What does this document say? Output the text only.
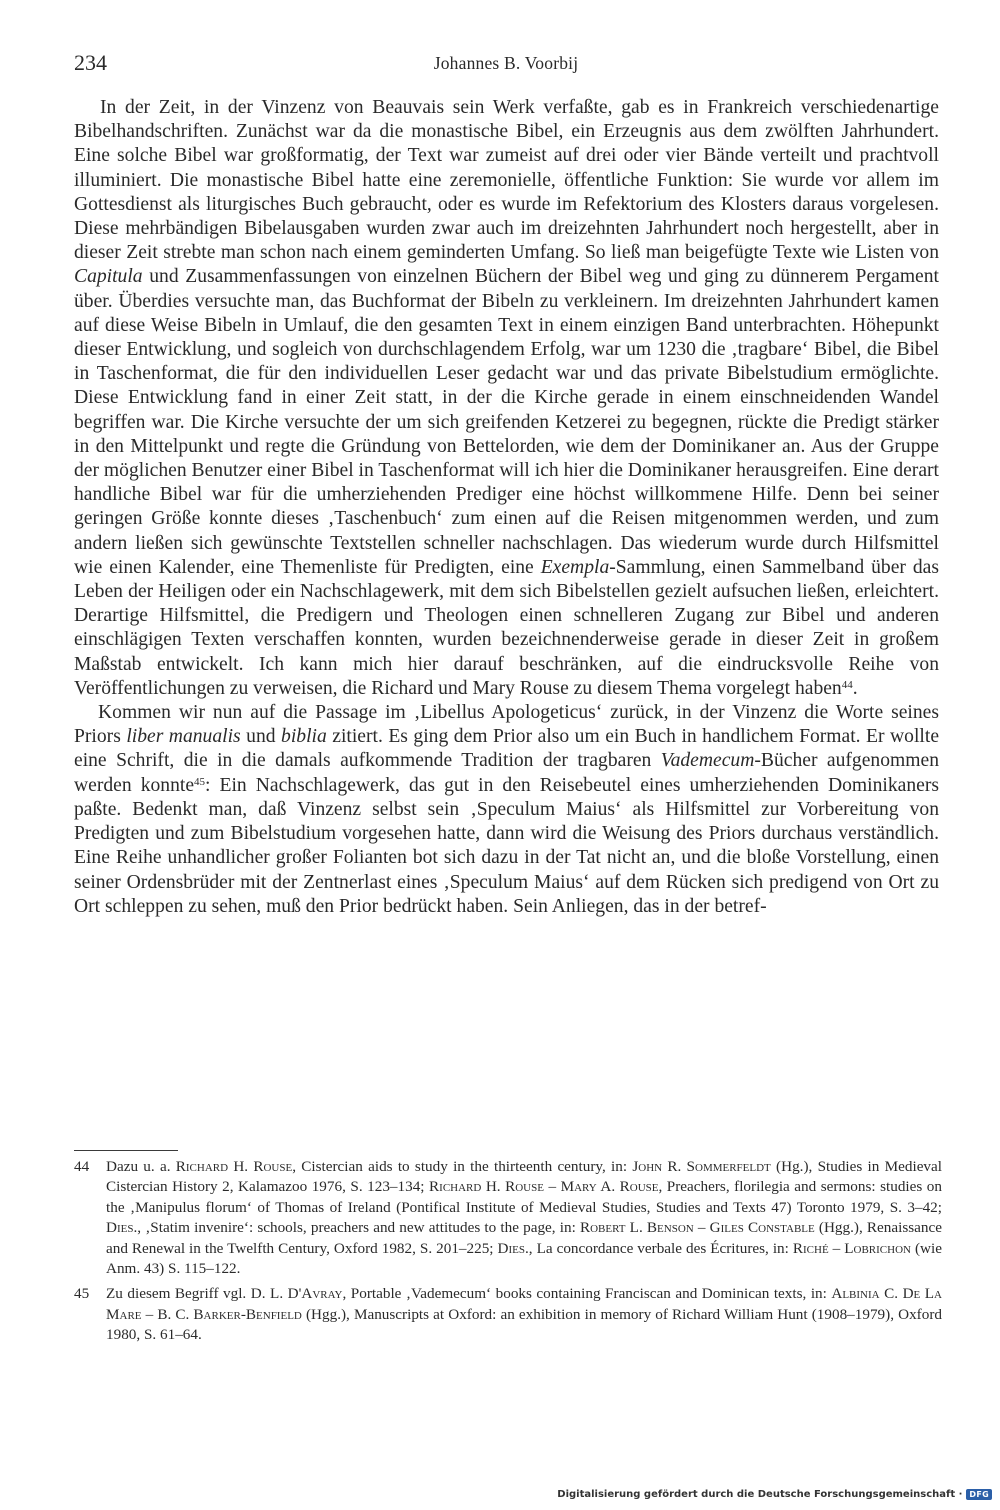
234	Johannes B. Voorbij

In der Zeit, in der Vinzenz von Beauvais sein Werk verfaßte, gab es in Frankreich verschiedenartige Bibelhandschriften. Zunächst war da die monastische Bibel, ein Erzeugnis aus dem zwölften Jahrhundert. Eine solche Bibel war großformatig, der Text war zumeist auf drei oder vier Bände verteilt und prachtvoll illuminiert. Die monastische Bibel hatte eine zeremonielle, öffentliche Funktion: Sie wurde vor allem im Gottesdienst als liturgisches Buch gebraucht, oder es wurde im Refektorium des Klosters daraus vorgelesen. Diese mehrbändigen Bibelausgaben wurden zwar auch im dreizehnten Jahrhundert noch hergestellt, aber in dieser Zeit strebte man schon nach einem geminderten Umfang. So ließ man beigefügte Texte wie Listen von Capitula und Zusammenfassungen von einzelnen Büchern der Bibel weg und ging zu dünnerem Pergament über. Überdies versuchte man, das Buchformat der Bibeln zu verkleinern. Im dreizehnten Jahrhundert kamen auf diese Weise Bibeln in Umlauf, die den gesamten Text in einem einzigen Band unterbrachten. Höhepunkt dieser Entwicklung, und sogleich von durchschlagendem Erfolg, war um 1230 die ‚tragbare‘ Bibel, die Bibel in Taschenformat, die für den individuellen Leser gedacht war und das private Bibelstudium ermöglichte. Diese Entwicklung fand in einer Zeit statt, in der die Kirche gerade in einem einschneidenden Wandel begriffen war. Die Kirche versuchte der um sich greifenden Ketzerei zu begegnen, rückte die Predigt stärker in den Mittelpunkt und regte die Gründung von Bettelorden, wie dem der Dominikaner an. Aus der Gruppe der möglichen Benutzer einer Bibel in Taschenformat will ich hier die Dominikaner herausgreifen. Eine derart handliche Bibel war für die umherziehenden Prediger eine höchst willkommene Hilfe. Denn bei seiner geringen Größe konnte dieses ‚Taschenbuch‘ zum einen auf die Reisen mitgenommen werden, und zum andern ließen sich gewünschte Textstellen schneller nachschlagen. Das wiederum wurde durch Hilfsmittel wie einen Kalender, eine Themenliste für Predigten, eine Exempla-Sammlung, einen Sammelband über das Leben der Heiligen oder ein Nachschlagewerk, mit dem sich Bibelstellen gezielt aufsuchen ließen, erleichtert. Derartige Hilfsmittel, die Predigern und Theologen einen schnelleren Zugang zur Bibel und anderen einschlägigen Texten verschaffen konnten, wurden bezeichnenderweise gerade in dieser Zeit in großem Maßstab entwickelt. Ich kann mich hier darauf beschränken, auf die eindrucksvolle Reihe von Veröffentlichungen zu verweisen, die Richard und Mary Rouse zu diesem Thema vorgelegt haben$^{44}$.

Kommen wir nun auf die Passage im ‚Libellus Apologeticus‘ zurück, in der Vinzenz die Worte seines Priors liber manualis und biblia zitiert. Es ging dem Prior also um ein Buch in handlichem Format. Er wollte eine Schrift, die in die damals aufkommende Tradition der tragbaren Vademecum-Bücher aufgenommen werden konnte$^{45}$: Ein Nachschlagewerk, das gut in den Reisebeutel eines umherziehenden Dominikaners paßte. Bedenkt man, daß Vinzenz selbst sein ‚Speculum Maius‘ als Hilfsmittel zur Vorbereitung von Predigten und zum Bibelstudium vorgesehen hatte, dann wird die Weisung des Priors durchaus verständlich. Eine Reihe unhandlicher großer Folianten bot sich dazu in der Tat nicht an, und die bloße Vorstellung, einen seiner Ordensbrüder mit der Zentnerlast eines ‚Speculum Maius‘ auf dem Rücken sich predigend von Ort zu Ort schleppen zu sehen, muß den Prior bedrückt haben. Sein Anliegen, das in der betref-

44 Dazu u. a. Richard H. Rouse, Cistercian aids to study in the thirteenth century, in: John R. Sommerfeldt (Hg.), Studies in Medieval Cistercian History 2, Kalamazoo 1976, S. 123–134; Richard H. Rouse – Mary A. Rouse, Preachers, florilegia and sermons: studies on the ‚Manipulus florum‘ of Thomas of Ireland (Pontifical Institute of Medieval Studies, Studies and Texts 47) Toronto 1979, S. 3–42; Dies., ‚Statim invenire‘: schools, preachers and new attitudes to the page, in: Robert L. Benson – Giles Constable (Hgg.), Renaissance and Renewal in the Twelfth Century, Oxford 1982, S. 201–225; Dies., La concordance verbale des Écritures, in: Riché – Lobrichon (wie Anm. 43) S. 115–122.

45 Zu diesem Begriff vgl. D. L. D'Avray, Portable ‚Vademecum‘ books containing Franciscan and Dominican texts, in: Albinia C. De La Mare – B. C. Barker-Benfield (Hgg.), Manuscripts at Oxford: an exhibition in memory of Richard William Hunt (1908–1979), Oxford 1980, S. 61–64.

Digitalisierung gefördert durch die Deutsche Forschungsgemeinschaft · DFG
